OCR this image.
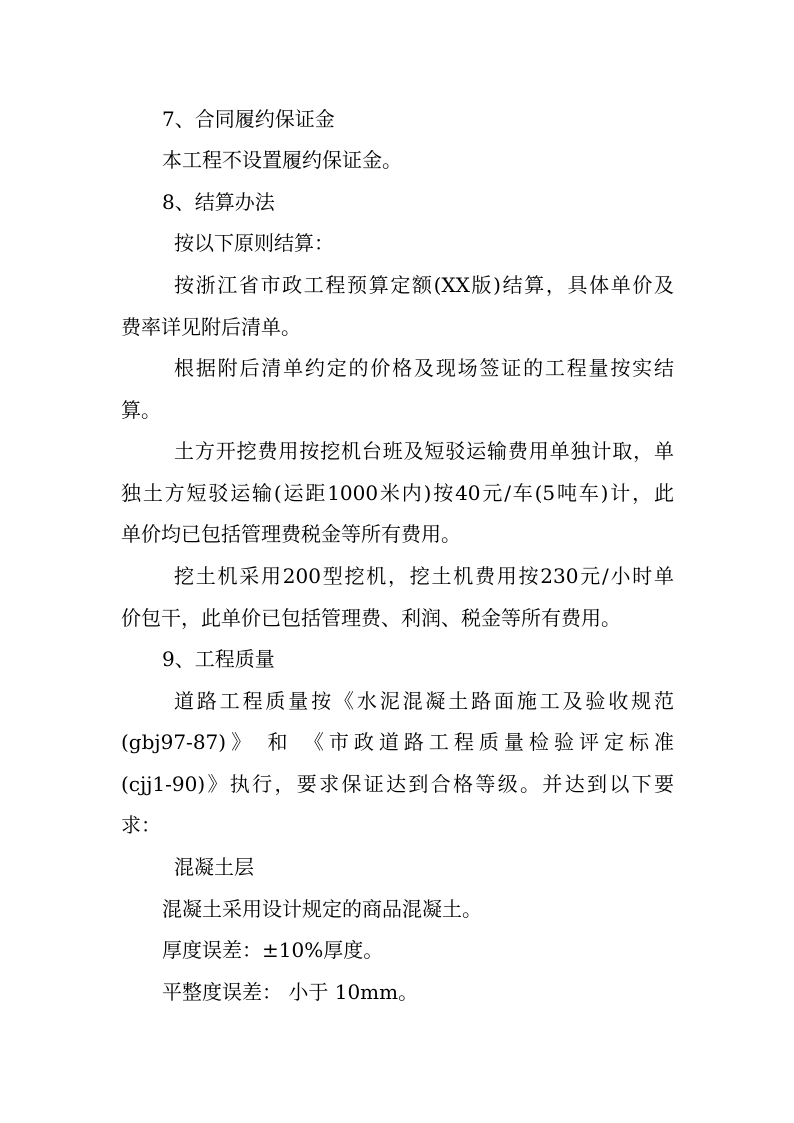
7、合同履约保证金
本工程不设置履约保证金。
8、结算办法
按以下原则结算：
按浙江省市政工程预算定额(XX版)结算，具体单价及
费率详见附后清单。
根据附后清单约定的价格及现场签证的工程量按实结
算。
土方开挖费用按挖机台班及短驳运输费用单独计取，单
独土方短驳运输(运距1000米内)按40元/车(5吨车)计，此
单价均已包括管理费税金等所有费用。
挖土机采用200型挖机，挖土机费用按230元/小时单
价包干，此单价已包括管理费、利润、税金等所有费用。
9、工程质量
道路工程质量按《水泥混凝土路面施工及验收规范
(gbj97-87)》 和 《市政道路工程质量检验评定标准
(cjj1-90)》执行，要求保证达到合格等级。并达到以下要
求：
混凝土层
混凝土采用设计规定的商品混凝土。
厚度误差：±10%厚度。
平整度误差： 小于 10mm。
